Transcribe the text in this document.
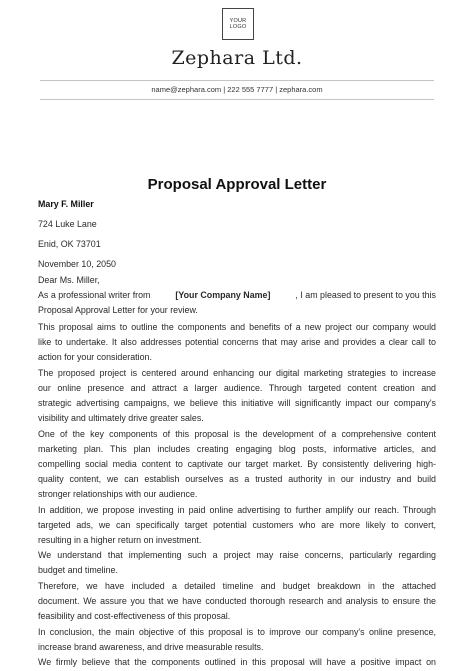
YOUR
LOGO
Zephara Ltd.
name@zephara.com | 222 555 7777 | zephara.com
Proposal Approval Letter
Mary F. Miller
724 Luke Lane
Enid, OK 73701
November 10, 2050
Dear Ms. Miller,
As a professional writer from	[Your Company Name]	, I am pleased to present to you this
Proposal Approval Letter for your review.
This proposal aims to outline the components and benefits of a new project our company would
like to undertake. It also addresses potential concerns that may arise and provides a clear call to
action for your consideration.
The proposed project is centered around enhancing our digital marketing strategies to increase
our online presence and attract a larger audience. Through targeted content creation and
strategic advertising campaigns, we believe this initiative will significantly impact our company's
visibility and ultimately drive greater sales.
One of the key components of this proposal is the development of a comprehensive content
marketing plan. This plan includes creating engaging blog posts, informative articles, and
compelling social media content to captivate our target market. By consistently delivering high-
quality content, we can establish ourselves as a trusted authority in our industry and build
stronger relationships with our audience.
In addition, we propose investing in paid online advertising to further amplify our reach. Through
targeted ads, we can specifically target potential customers who are more likely to convert,
resulting in a higher return on investment.
We understand that implementing such a project may raise concerns, particularly regarding
budget and timeline.
Therefore, we have included a detailed timeline and budget breakdown in the attached
document. We assure you that we have conducted thorough research and analysis to ensure the
feasibility and cost-effectiveness of this proposal.
In conclusion, the main objective of this proposal is to improve our company's online presence,
increase brand awareness, and drive measurable results.
We firmly believe that the components outlined in this proposal will have a positive impact on
